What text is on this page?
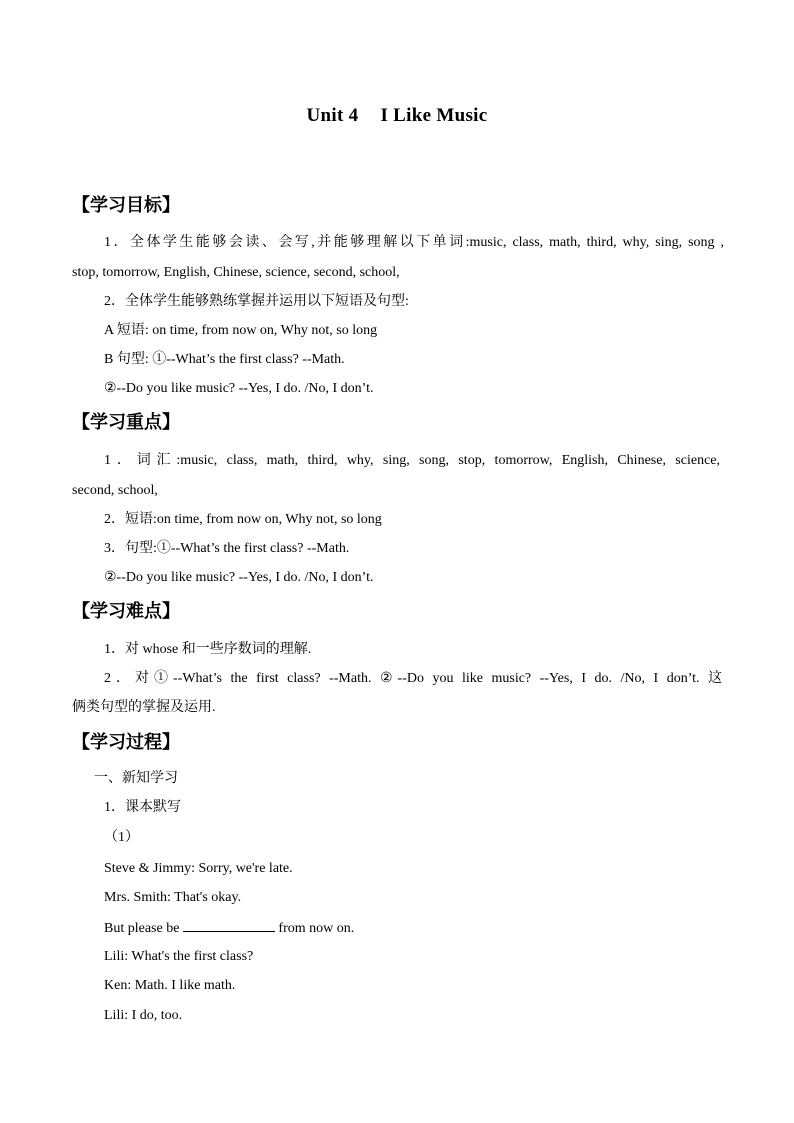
Unit 4 I Like Music
【学习目标】
1．全体学生能够会读、会写,并能够理解以下单词:music, class, math, third, why, sing, song ,
stop, tomorrow, English, Chinese, science, second, school,
2．全体学生能够熟练掌握并运用以下短语及句型:
A 短语: on time, from now on, Why not, so long
B 句型: ①--What’s the first class? --Math.
②--Do you like music? --Yes, I do. /No, I don’t.
【学习重点】
1．词汇:music, class, math, third, why, sing, song, stop, tomorrow, English, Chinese, science,
second, school,
2．短语:on time, from now on, Why not, so long
3．句型:①--What’s the first class? --Math.
②--Do you like music? --Yes, I do. /No, I don’t.
【学习难点】
1．对 whose 和一些序数词的理解.
2．对①--What’s the first class? --Math. ②--Do you like music? --Yes, I do. /No, I don’t. 这
俩类句型的掌握及运用.
【学习过程】
一、新知学习
1．课本默写
（1）
Steve & Jimmy: Sorry, we're late.
Mrs. Smith: That's okay.
But please be	from now on.
Lili: What's the first class?
Ken: Math. I like math.
Lili: I do, too.
